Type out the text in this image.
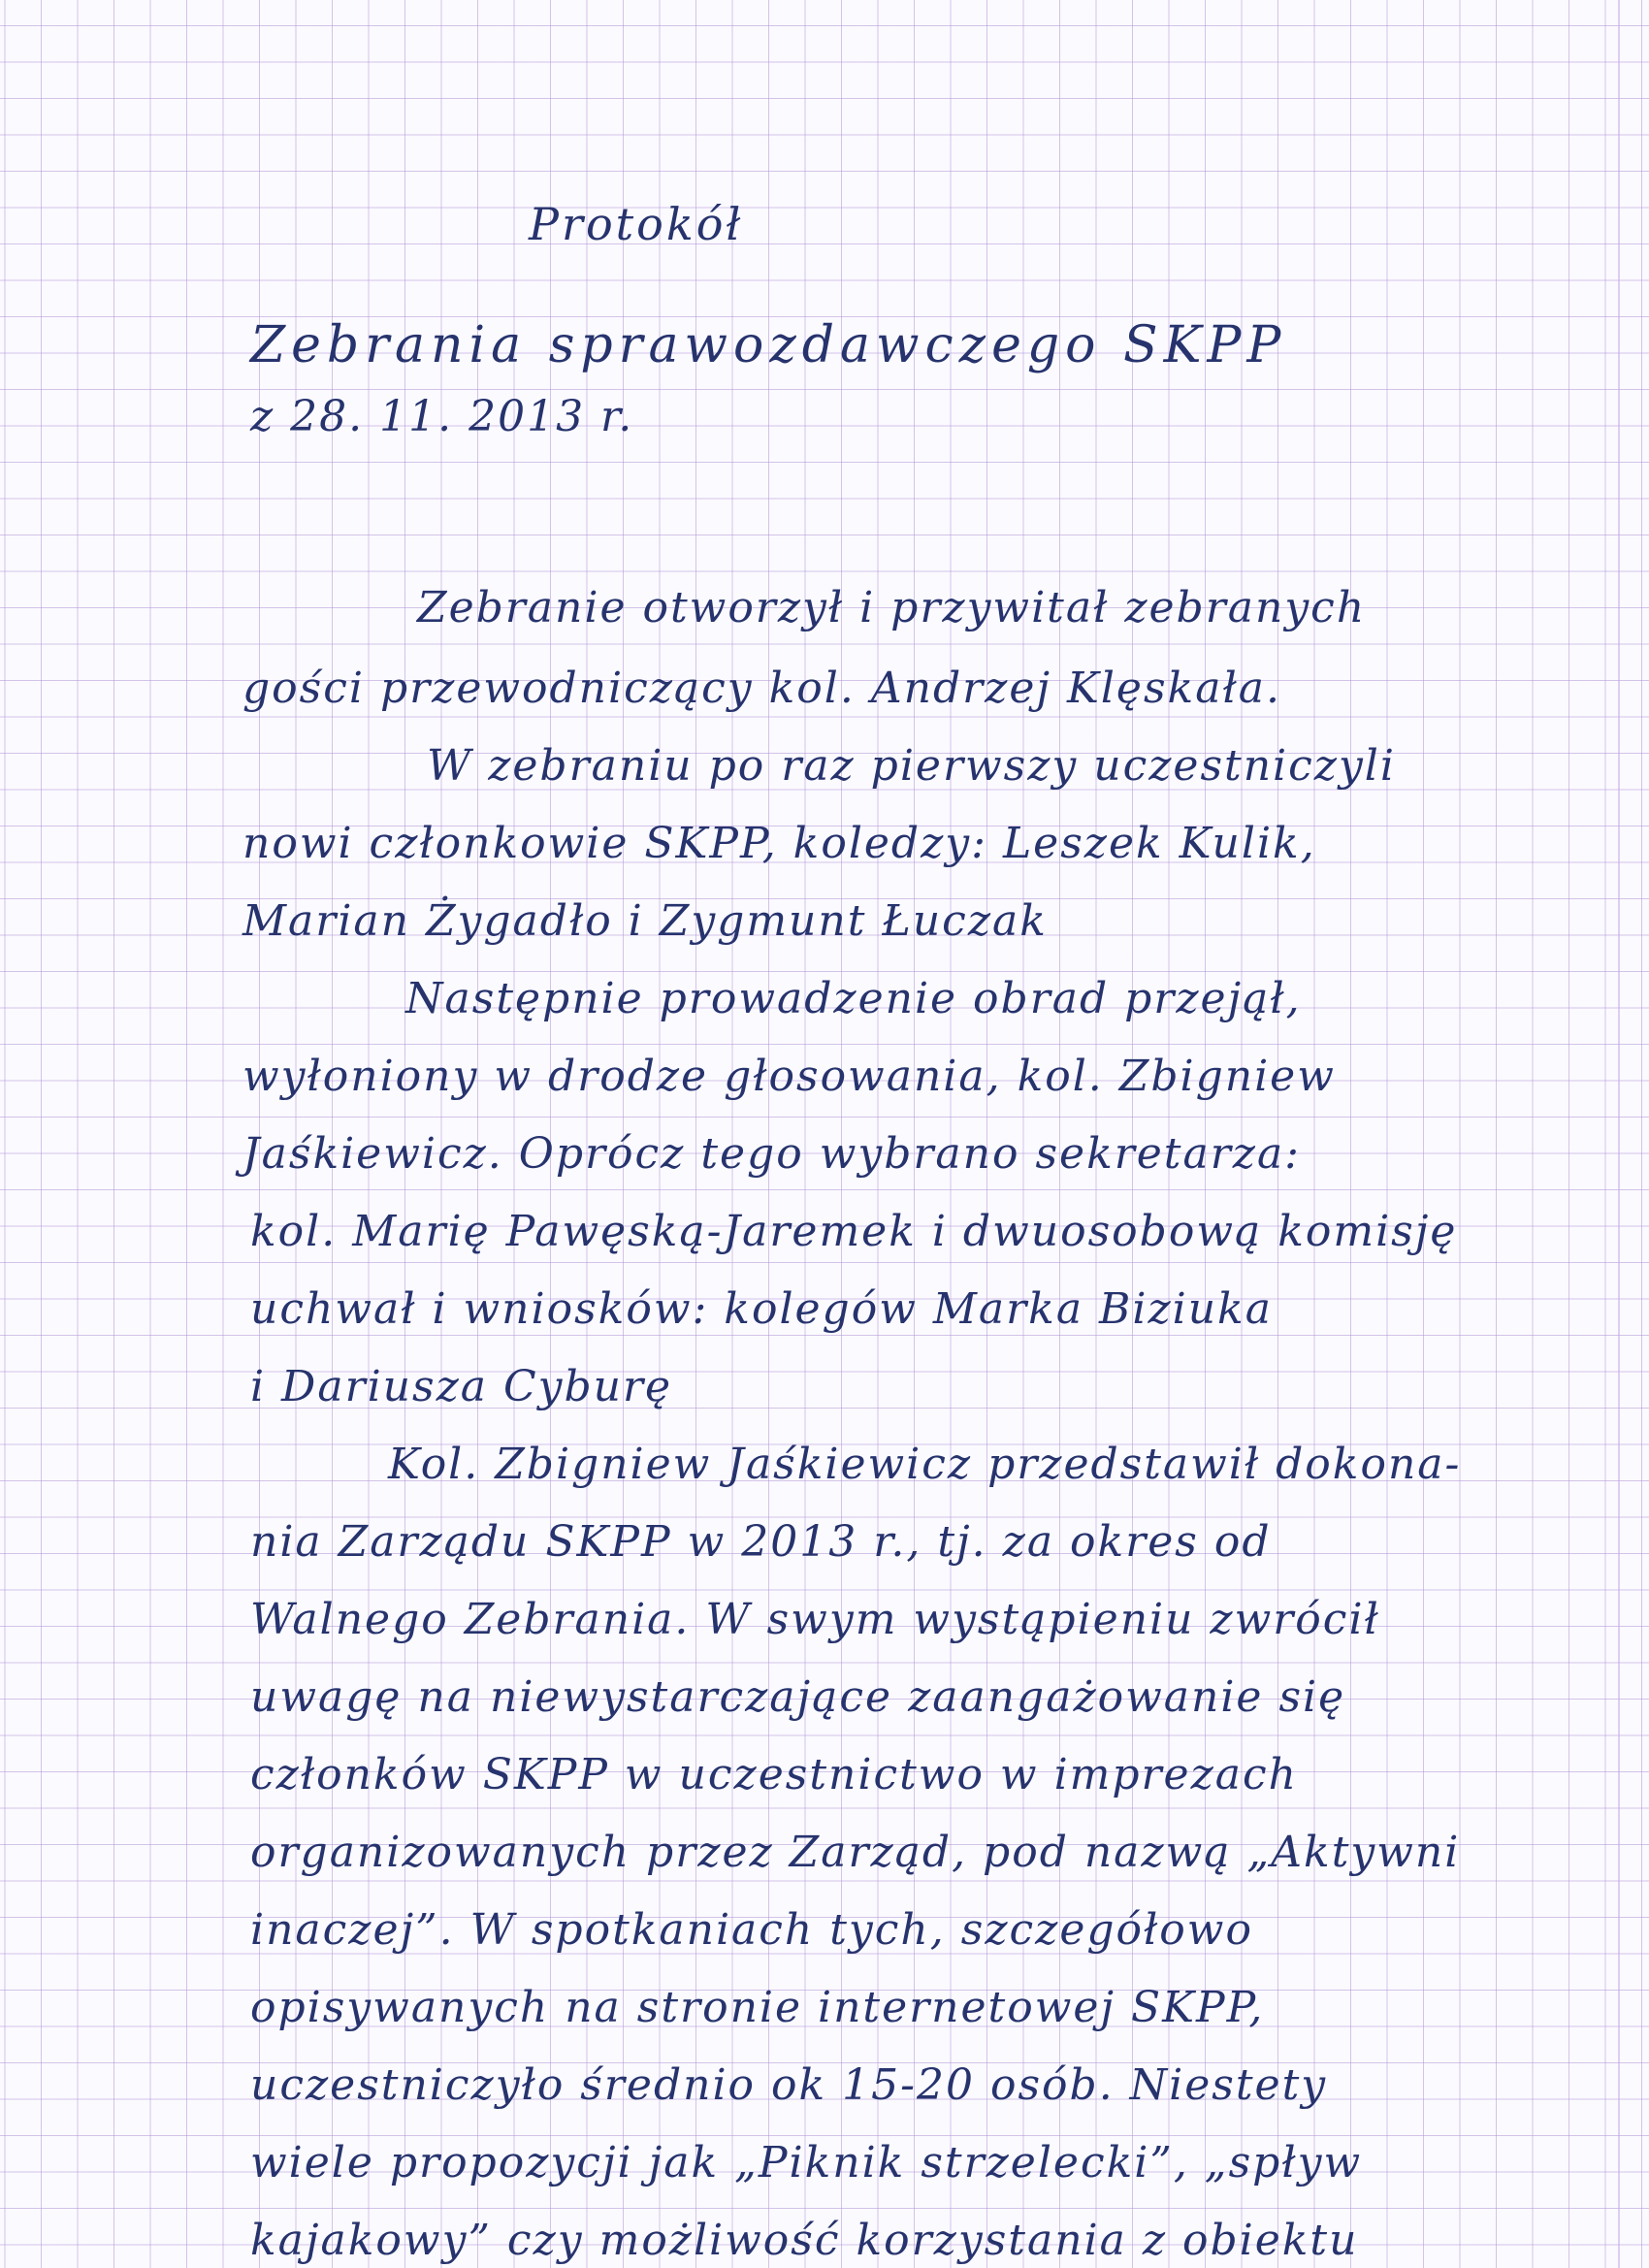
Protokół
Zebrania sprawozdawczego SKPP
z 28. 11. 2013 r.
Zebranie otworzył i przywitał zebranych
gości przewodniczący kol. Andrzej Klęskała.
W zebraniu po raz pierwszy uczestniczyli
nowi członkowie SKPP, koledzy: Leszek Kulik,
Marian Żygadło i Zygmunt Łuczak
Następnie prowadzenie obrad przejął,
wyłoniony w drodze głosowania, kol. Zbigniew
Jaśkiewicz. Oprócz tego wybrano sekretarza:
kol. Marię Pawęską-Jaremek i dwuosobową komisję
uchwał i wniosków: kolegów Marka Biziuka
i Dariusza Cyburę
Kol. Zbigniew Jaśkiewicz przedstawił dokona-
nia Zarządu SKPP w 2013 r., tj. za okres od
Walnego Zebrania. W swym wystąpieniu zwrócił
uwagę na niewystarczające zaangażowanie się
członków SKPP w uczestnictwo w imprezach
organizowanych przez Zarząd, pod nazwą „Aktywni
inaczej”. W spotkaniach tych, szczegółowo
opisywanych na stronie internetowej SKPP,
uczestniczyło średnio ok 15-20 osób. Niestety
wiele propozycji jak „Piknik strzelecki”, „spływ
kajakowy” czy możliwość korzystania z obiektu
